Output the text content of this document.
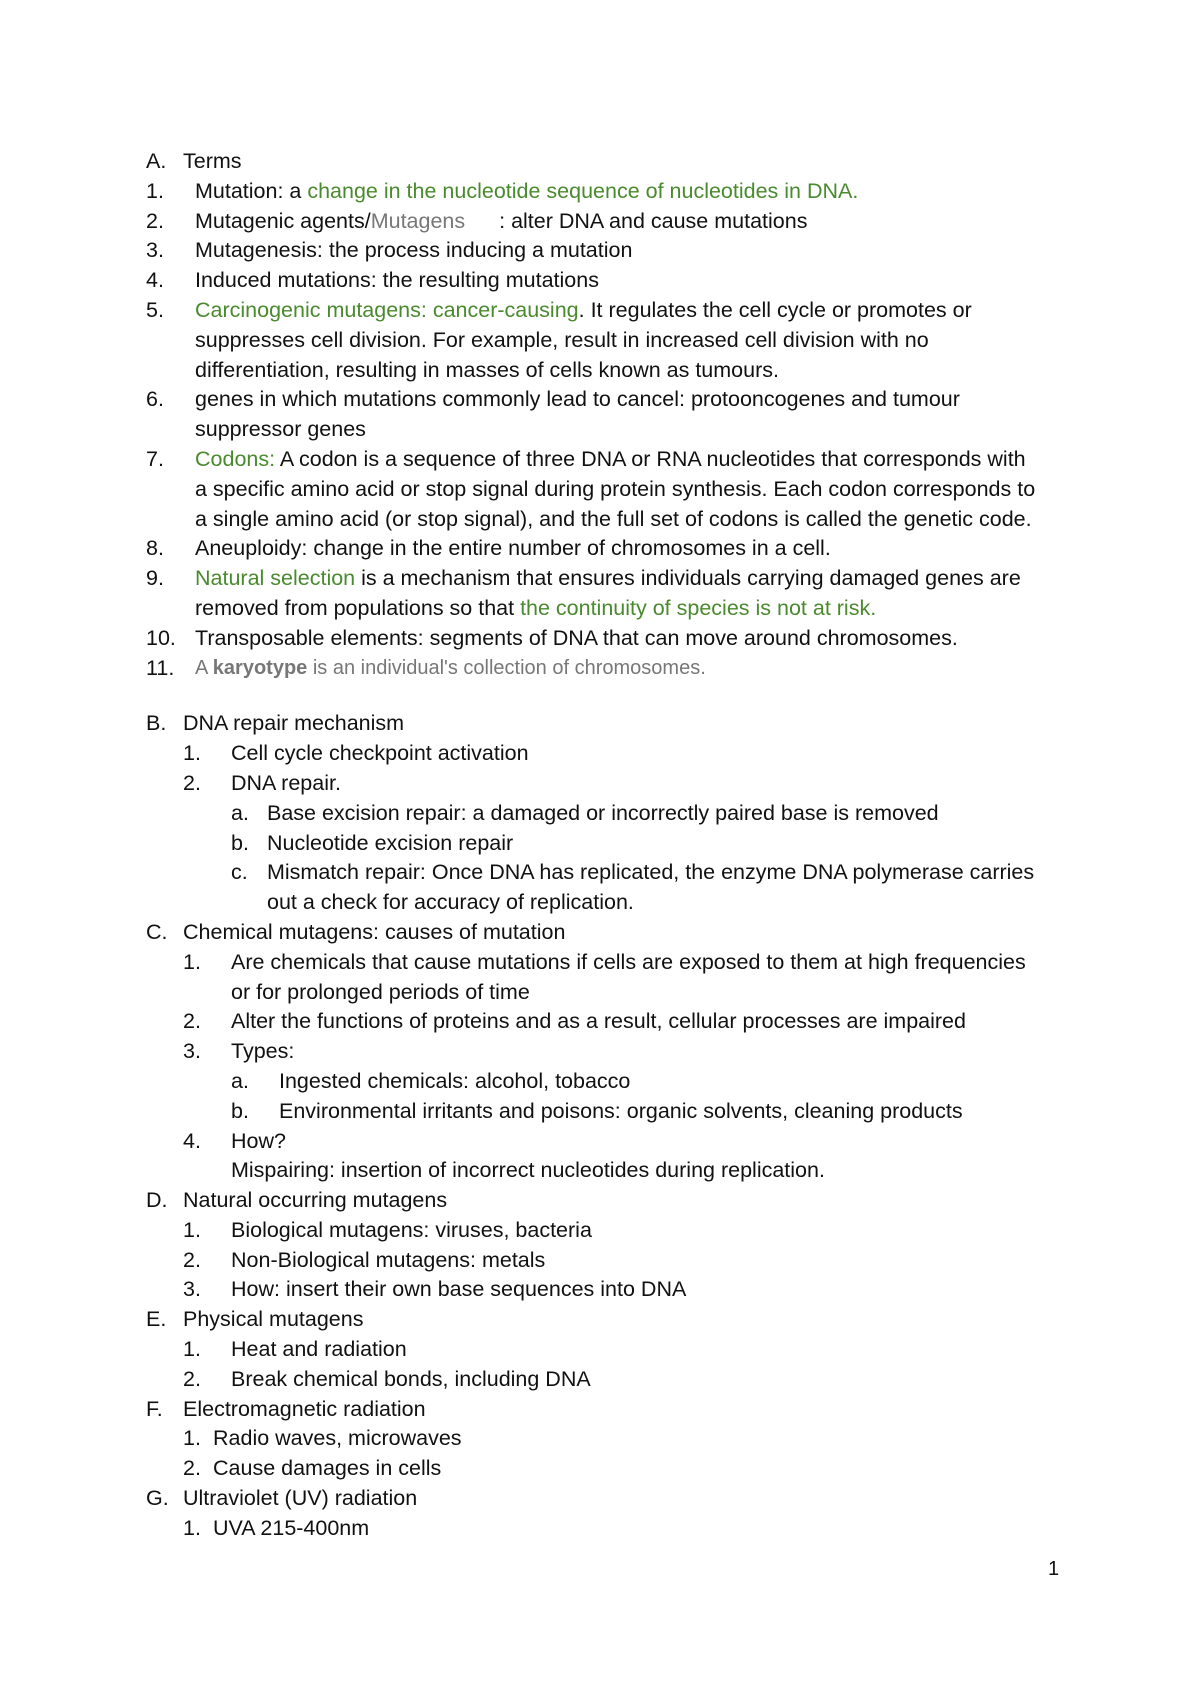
A. Terms

1. Mutation: a change in the nucleotide sequence of nucleotides in DNA.

2. Mutagenic agents/Mutagens : alter DNA and cause mutations

3. Mutagenesis: the process inducing a mutation

4. Induced mutations: the resulting mutations

5. Carcinogenic mutagens: cancer-causing. It regulates the cell cycle or promotes or

suppresses cell division. For example, result in increased cell division with no

differentiation, resulting in masses of cells known as tumours.

6. genes in which mutations commonly lead to cancel: protooncogenes and tumour

suppressor genes

7. Codons: A codon is a sequence of three DNA or RNA nucleotides that corresponds with

a specific amino acid or stop signal during protein synthesis. Each codon corresponds to

a single amino acid (or stop signal), and the full set of codons is called the genetic code.

8. Aneuploidy: change in the entire number of chromosomes in a cell.

9. Natural selection is a mechanism that ensures individuals carrying damaged genes are

removed from populations so that the continuity of species is not at risk.

10. Transposable elements: segments of DNA that can move around chromosomes.

11. A karyotype is an individual's collection of chromosomes.

B. DNA repair mechanism

1. Cell cycle checkpoint activation

2. DNA repair.

a. Base excision repair: a damaged or incorrectly paired base is removed

b. Nucleotide excision repair

c. Mismatch repair: Once DNA has replicated, the enzyme DNA polymerase carries

out a check for accuracy of replication.

C. Chemical mutagens: causes of mutation

1. Are chemicals that cause mutations if cells are exposed to them at high frequencies

or for prolonged periods of time

2. Alter the functions of proteins and as a result, cellular processes are impaired

3. Types:

a. Ingested chemicals: alcohol, tobacco

b. Environmental irritants and poisons: organic solvents, cleaning products

4. How?

Mispairing: insertion of incorrect nucleotides during replication.

D. Natural occurring mutagens

1. Biological mutagens: viruses, bacteria

2. Non-Biological mutagens: metals

3. How: insert their own base sequences into DNA

E. Physical mutagens

1. Heat and radiation

2. Break chemical bonds, including DNA

F. Electromagnetic radiation

1. Radio waves, microwaves

2. Cause damages in cells

G. Ultraviolet (UV) radiation

1. UVA 215-400nm

1
